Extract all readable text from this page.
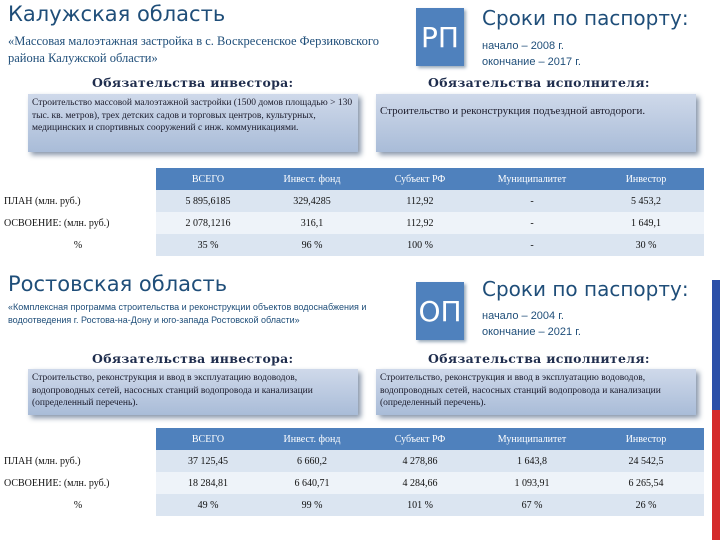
Калужская область
«Массовая малоэтажная застройка в с. Воскресенское Ферзиковского района Калужской области»
РП
Сроки по паспорту:
начало – 2008 г.
окончание – 2017 г.
Обязательства инвестора:	Обязательства исполнителя:
Строительство массовой малоэтажной застройки (1500 домов площадью > 130 тыс. кв. метров), трех детских садов и торговых центров, культурных, медицинских и спортивных сооружений с инж. коммуникациями.
Строительство и реконструкция подъездной автодороги.
	ВСЕГО	Инвест. фонд	Субъект РФ	Муниципалитет	Инвестор
ПЛАН (млн. руб.)	5 895,6185	329,4285	112,92	-	5 453,2
ОСВОЕНИЕ: (млн. руб.)	2 078,1216	316,1	112,92	-	1 649,1
%	35 %	96 %	100 %	-	30 %
Ростовская область
«Комплексная программа строительства и реконструкции объектов водоснабжения и водоотведения г. Ростова-на-Дону и юго-запада Ростовской области»	ОП
Сроки по паспорту:
начало – 2004 г.
окончание – 2021 г.
Обязательства инвестора:	Обязательства исполнителя:
Строительство, реконструкция и ввод в эксплуатацию водоводов, водопроводных сетей, насосных станций водопровода и канализации (определенный перечень).
Строительство, реконструкция и ввод в эксплуатацию водоводов, водопроводных сетей, насосных станций водопровода и канализации (определенный перечень).
	ВСЕГО	Инвест. фонд	Субъект РФ	Муниципалитет	Инвестор
ПЛАН (млн. руб.)	37 125,45	6 660,2	4 278,86	1 643,8	24 542,5
ОСВОЕНИЕ: (млн. руб.)	18 284,81	6 640,71	4 284,66	1 093,91	6 265,54
%	49 %	99 %	101 %	67 %	26 %
